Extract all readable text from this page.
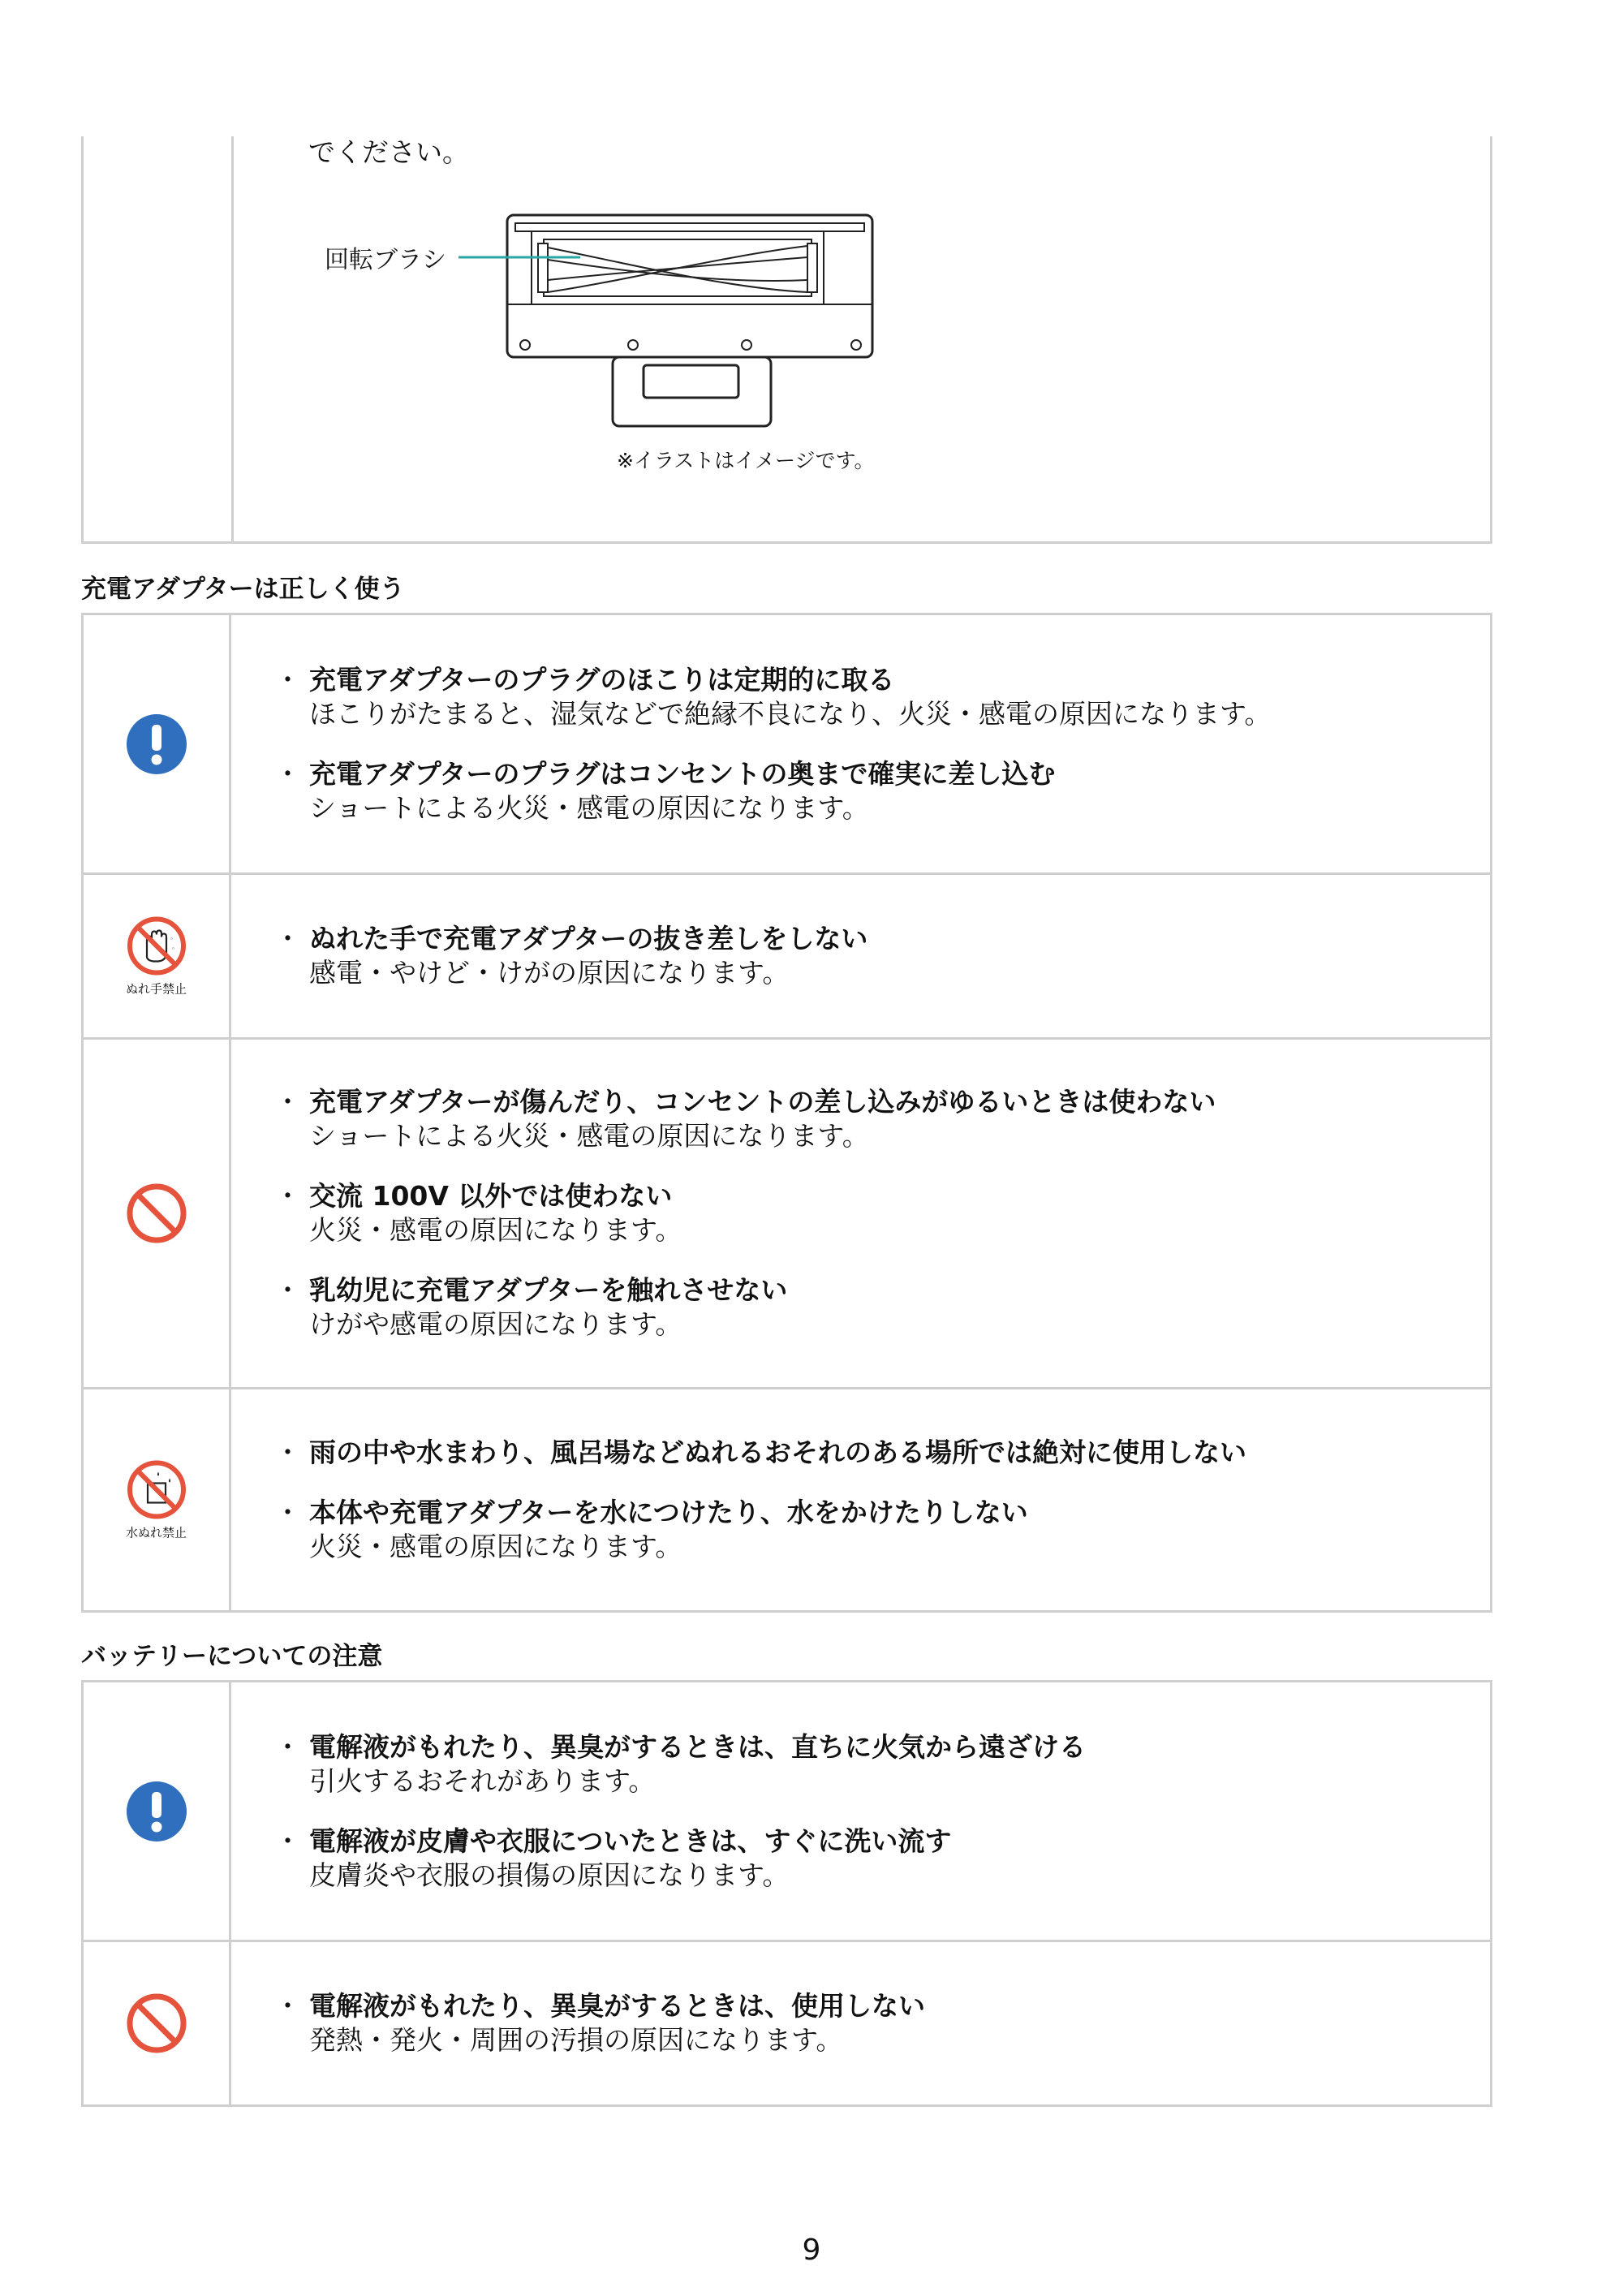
でください。
回転ブラシ
※イラストはイメージです。
充電アダプターは正しく使う
・ 充電アダプターのプラグのほこりは定期的に取る
ほこりがたまると、湿気などで絶縁不良になり、火災・感電の原因になります。
・ 充電アダプターのプラグはコンセントの奥まで確実に差し込む
ショートによる火災・感電の原因になります。
◦
◦
ぬれ手禁止
・ ぬれた手で充電アダプターの抜き差しをしない
感電・やけど・けがの原因になります。
・ 充電アダプターが傷んだり、コンセントの差し込みがゆるいときは使わない
ショートによる火災・感電の原因になります。
・ 交流 100V 以外では使わない
火災・感電の原因になります。
・ 乳幼児に充電アダプターを触れさせない
けがや感電の原因になります。
水ぬれ禁止
・ 雨の中や水まわり、風呂場などぬれるおそれのある場所では絶対に使用しない
・ 本体や充電アダプターを水につけたり、水をかけたりしない
火災・感電の原因になります。
バッテリーについての注意
・ 電解液がもれたり、異臭がするときは、直ちに火気から遠ざける
引火するおそれがあります。
・ 電解液が皮膚や衣服についたときは、すぐに洗い流す
皮膚炎や衣服の損傷の原因になります。
・ 電解液がもれたり、異臭がするときは、使用しない
発熱・発火・周囲の汚損の原因になります。
9
